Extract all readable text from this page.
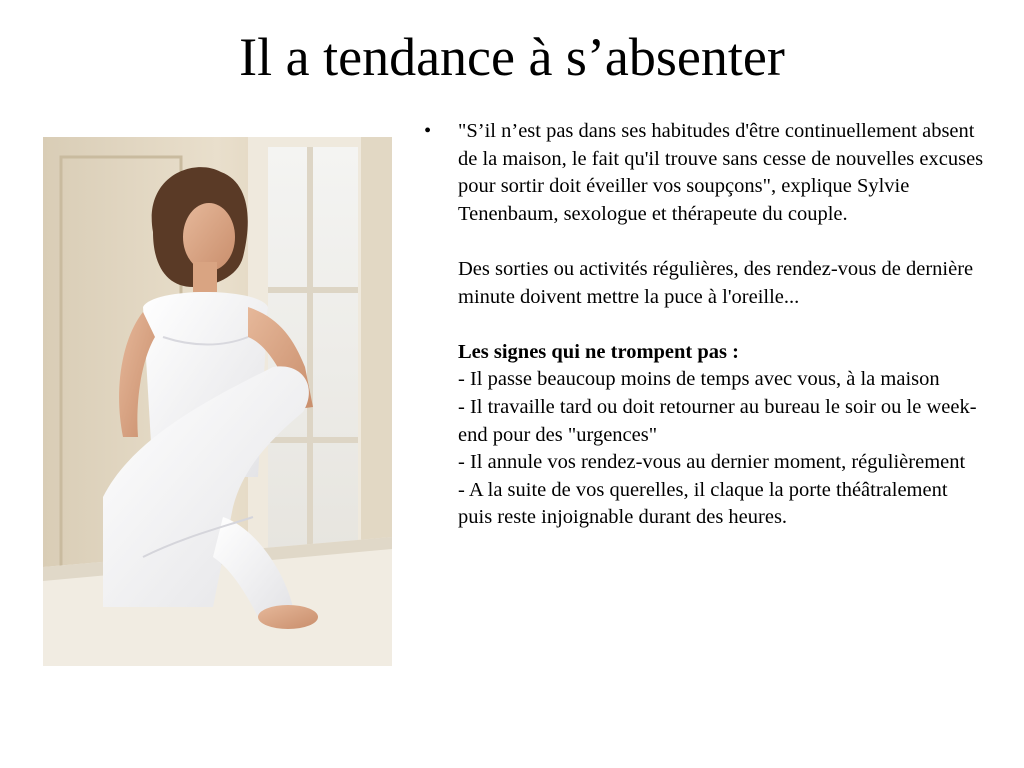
Il a tendance à s’absenter
• "S’il n’est pas dans ses habitudes d'être continuellement absent de la maison, le fait qu'il trouve sans cesse de nouvelles excuses pour sortir doit éveiller vos soupçons", explique Sylvie Tenenbaum, sexologue et thérapeute du couple.

Des sorties ou activités régulières, des rendez-vous de dernière minute doivent mettre la puce à l'oreille...

Les signes qui ne trompent pas :

- Il passe beaucoup moins de temps avec vous, à la maison

- Il travaille tard ou doit retourner au bureau le soir ou le week-end pour des "urgences"

- Il annule vos rendez-vous au dernier moment, régulièrement

- A la suite de vos querelles, il claque la porte théâtralement puis reste injoignable durant des heures.
